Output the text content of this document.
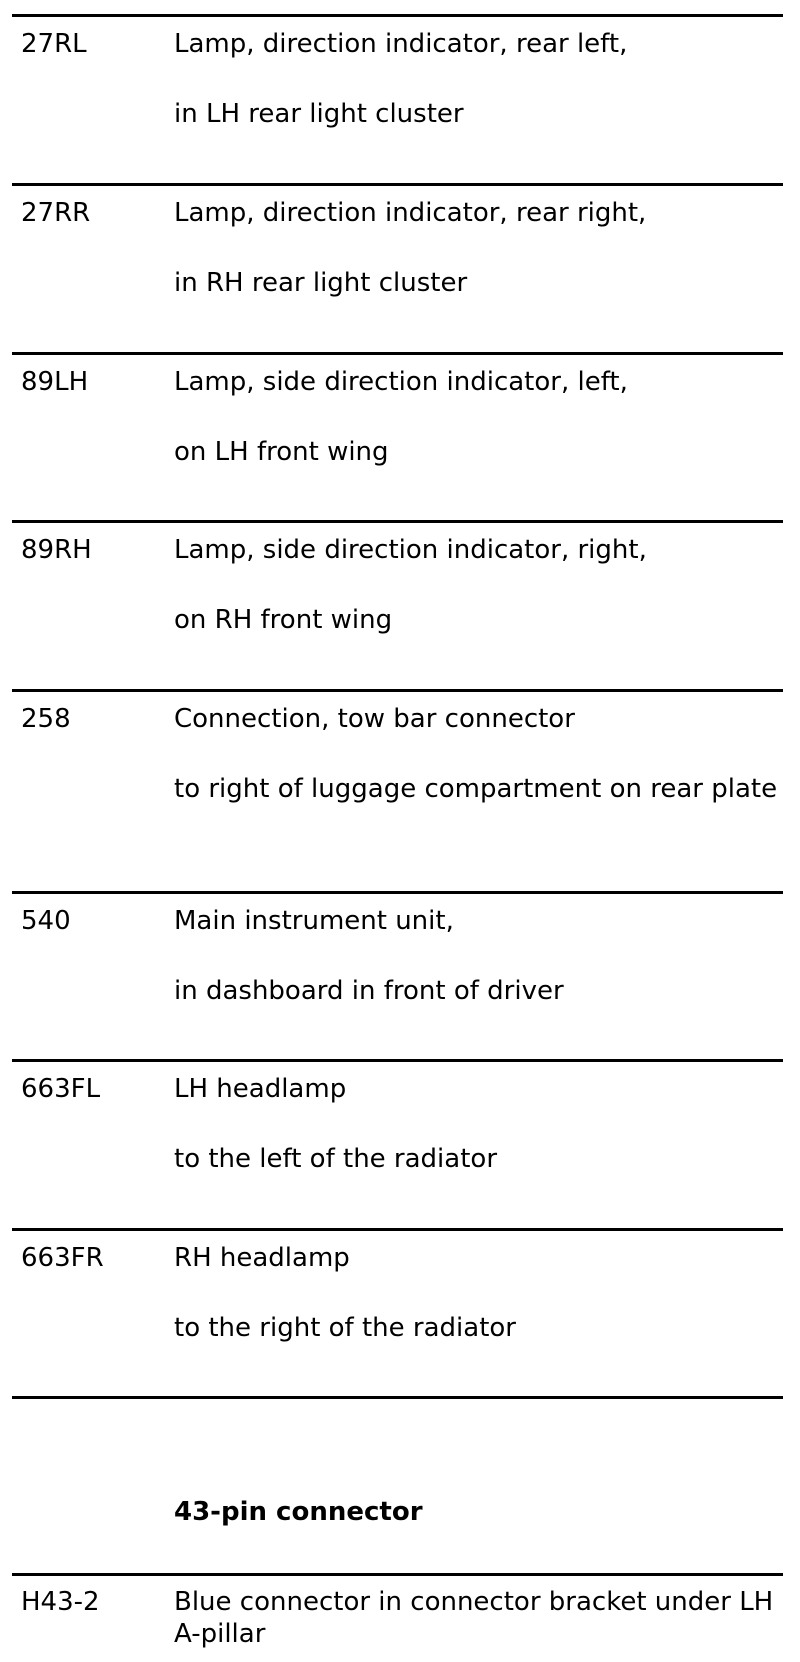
27RL	Lamp, direction indicator, rear left,
in LH rear light cluster
27RR	Lamp, direction indicator, rear right,
in RH rear light cluster
89LH	Lamp, side direction indicator, left,
on LH front wing
89RH	Lamp, side direction indicator, right,
on RH front wing
258	Connection, tow bar connector
to right of luggage compartment on rear plate
540	Main instrument unit,
in dashboard in front of driver
663FL	LH headlamp
to the left of the radiator
663FR	RH headlamp
to the right of the radiator
43-pin connector
H43-2	Blue connector in connector bracket under LH A-pillar
